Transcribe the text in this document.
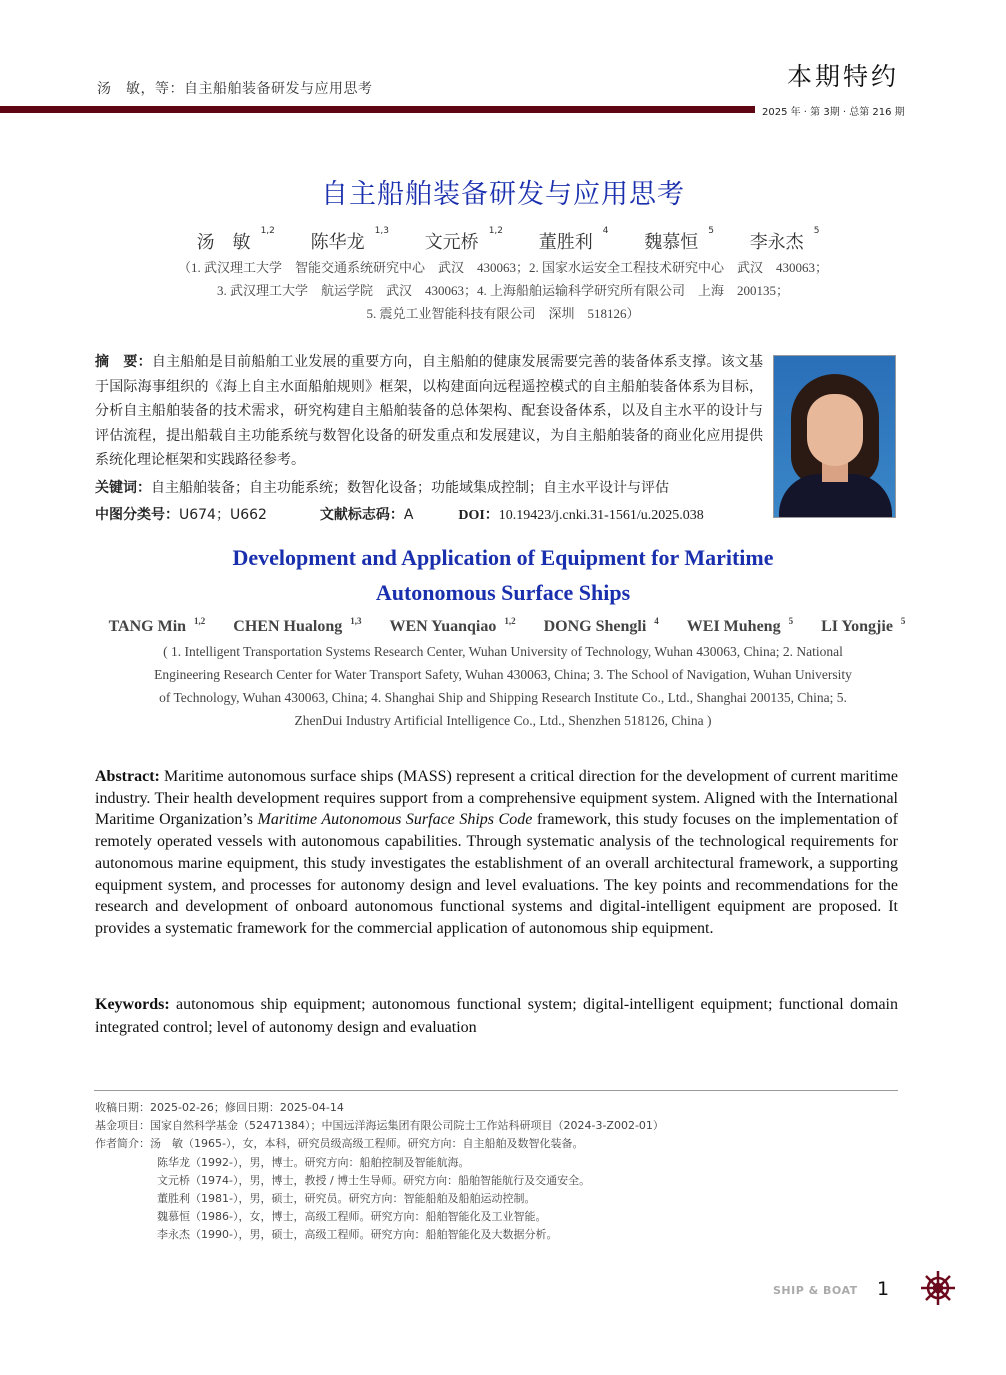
汤　敏，等：自主船舶装备研发与应用思考	本期特约
2025 年 · 第 3期 · 总第 216 期
自主船舶装备研发与应用思考
汤　敏$^{1,2}$ 陈华龙$^{1,3}$ 文元桥$^{1,2}$ 董胜利$^4$ 魏慕恒$^5$ 李永杰$^5$
（1. 武汉理工大学　智能交通系统研究中心　武汉　430063；2. 国家水运安全工程技术研究中心　武汉　430063；
3. 武汉理工大学　航运学院　武汉　430063；4. 上海船舶运输科学研究所有限公司　上海　200135；
5. 震兑工业智能科技有限公司　深圳　518126）
摘　要：自主船舶是目前船舶工业发展的重要方向，自主船舶的健康发展需要完善的装备体系支撑。该文基于国际海事组织的《海上自主水面船舶规则》框架，以构建面向远程遥控模式的自主船舶装备体系为目标，分析自主船舶装备的技术需求，研究构建自主船舶装备的总体架构、配套设备体系，以及自主水平的设计与评估流程，提出船载自主功能系统与数智化设备的研发重点和发展建议，为自主船舶装备的商业化应用提供系统化理论框架和实践路径参考。
关键词：自主船舶装备；自主功能系统；数智化设备；功能域集成控制；自主水平设计与评估
中图分类号：U674；U662	文献标志码：A	DOI：10.19423/j.cnki.31-1561/u.2025.038
Development and Application of Equipment for Maritime
Autonomous Surface Ships
TANG Min $^{1,2}$ CHEN Hualong $^{1,3}$ WEN Yuanqiao $^{1,2}$ DONG Shengli $^4$ WEI Muheng $^5$ LI Yongjie $^5$
( 1. Intelligent Transportation Systems Research Center, Wuhan University of Technology, Wuhan 430063, China; 2. National Engineering Research Center for Water Transport Safety, Wuhan 430063, China; 3. The School of Navigation, Wuhan University of Technology, Wuhan 430063, China; 4. Shanghai Ship and Shipping Research Institute Co., Ltd., Shanghai 200135, China; 5. ZhenDui Industry Artificial Intelligence Co., Ltd., Shenzhen 518126, China )
Abstract: Maritime autonomous surface ships (MASS) represent a critical direction for the development of current maritime industry. Their health development requires support from a comprehensive equipment system. Aligned with the International Maritime Organization’s Maritime Autonomous Surface Ships Code framework, this study focuses on the implementation of remotely operated vessels with autonomous capabilities. Through systematic analysis of the technological requirements for autonomous marine equipment, this study investigates the establishment of an overall architectural framework, a supporting equipment system, and processes for autonomy design and level evaluations. The key points and recommendations for the research and development of onboard autonomous functional systems and digital-intelligent equipment are proposed. It provides a systematic framework for the commercial application of autonomous ship equipment.
Keywords: autonomous ship equipment; autonomous functional system; digital-intelligent equipment; functional domain integrated control; level of autonomy design and evaluation
收稿日期：2025-02-26；修回日期：2025-04-14
基金项目：国家自然科学基金（52471384）；中国远洋海运集团有限公司院士工作站科研项目（2024-3-Z002-01）
作者简介：汤　敏（1965-），女，本科，研究员级高级工程师。研究方向：自主船舶及数智化装备。
陈华龙（1992-），男，博士。研究方向：船舶控制及智能航海。
文元桥（1974-），男，博士，教授 / 博士生导师。研究方向：船舶智能航行及交通安全。
董胜利（1981-），男，硕士，研究员。研究方向：智能船舶及船舶运动控制。
魏慕恒（1986-），女，博士，高级工程师。研究方向：船舶智能化及工业智能。
李永杰（1990-），男，硕士，高级工程师。研究方向：船舶智能化及大数据分析。
SHIP & BOAT 1
